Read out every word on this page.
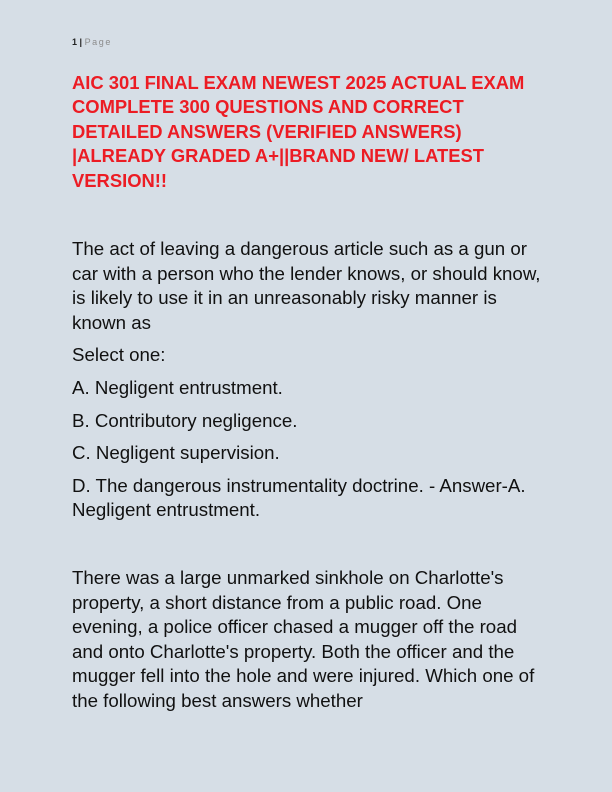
1 | Page
AIC 301 FINAL EXAM NEWEST 2025 ACTUAL EXAM COMPLETE 300 QUESTIONS AND CORRECT DETAILED ANSWERS (VERIFIED ANSWERS) |ALREADY GRADED A+||BRAND NEW/ LATEST VERSION!!

The act of leaving a dangerous article such as a gun or car with a person who the lender knows, or should know, is likely to use it in an unreasonably risky manner is known as

Select one:

A. Negligent entrustment.

B. Contributory negligence.

C. Negligent supervision.

D. The dangerous instrumentality doctrine. - Answer-A. Negligent entrustment.

There was a large unmarked sinkhole on Charlotte's property, a short distance from a public road. One evening, a police officer chased a mugger off the road and onto Charlotte's property. Both the officer and the mugger fell into the hole and were injured. Which one of the following best answers whether
